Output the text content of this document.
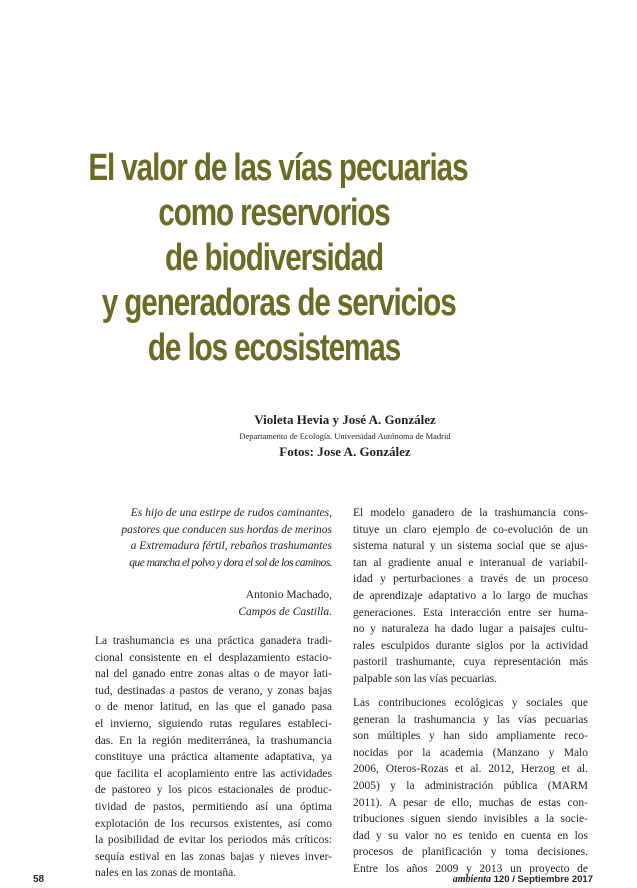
El valor de las vías pecuarias
como reservorios
de biodiversidad
y generadoras de servicios
de los ecosistemas
Violeta Hevia y José A. González
Departamento de Ecología. Universidad Autónoma de Madrid
Fotos: Jose A. González
Es hijo de una estirpe de rudos caminantes,
pastores que conducen sus hordas de merinos
a Extremadura fértil, rebaños trashumantes
que mancha el polvo y dora el sol de los caminos.
Antonio Machado,
Campos de Castilla.
La trashumancia es una práctica ganadera tradi-
cional consistente en el desplazamiento estacio-
nal del ganado entre zonas altas o de mayor lati-
tud, destinadas a pastos de verano, y zonas bajas
o de menor latitud, en las que el ganado pasa
el invierno, siguiendo rutas regulares estableci-
das. En la región mediterránea, la trashumancia
constituye una práctica altamente adaptativa, ya
que facilita el acoplamiento entre las actividades
de pastoreo y los picos estacionales de produc-
tividad de pastos, permitiendo así una óptima
explotación de los recursos existentes, así como
la posibilidad de evitar los periodos más críticos:
sequía estival en las zonas bajas y nieves inver-
nales en las zonas de montaña.
El modelo ganadero de la trashumancia cons-
tituye un claro ejemplo de co-evolución de un
sistema natural y un sistema social que se ajus-
tan al gradiente anual e interanual de variabil-
idad y perturbaciones a través de un proceso
de aprendizaje adaptativo a lo largo de muchas
generaciones. Esta interacción entre ser huma-
no y naturaleza ha dado lugar a paisajes cultu-
rales esculpidos durante siglos por la actividad
pastoril trashumante, cuya representación más
palpable son las vías pecuarias.
Las contribuciones ecológicas y sociales que
generan la trashumancia y las vías pecuarias
son múltiples y han sido ampliamente reco-
nocidas por la academia (Manzano y Malo
2006, Oteros-Rozas et al. 2012, Herzog et al.
2005) y la administración pública (MARM
2011). A pesar de ello, muchas de estas con-
tribuciones siguen siendo invisibles a la socie-
dad y su valor no es tenido en cuenta en los
procesos de planificación y toma decisiones.
Entre los años 2009 y 2013 un proyecto de
58	ambienta 120 / Septiembre 2017
